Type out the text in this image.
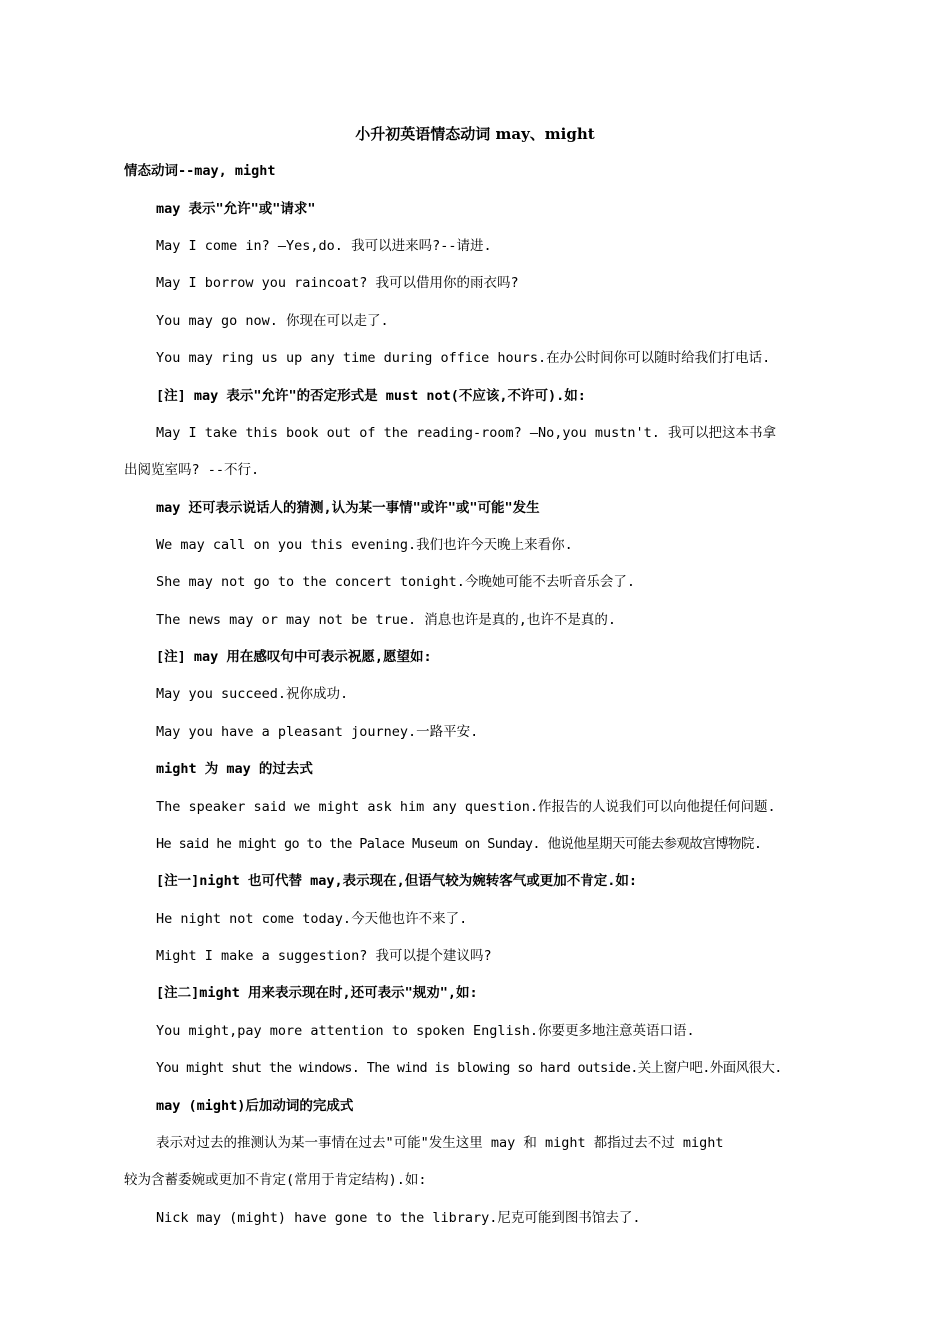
小升初英语情态动词 may、might
情态动词--may, might
may 表示"允许"或"请求"
May I come in? —Yes,do. 我可以进来吗?--请进.
May I borrow you raincoat? 我可以借用你的雨衣吗?
You may go now. 你现在可以走了.
You may ring us up any time during office hours.在办公时间你可以随时给我们打电话.
[注] may 表示"允许"的否定形式是 must not(不应该,不许可).如:
May I take this book out of the reading-room? —No,you mustn't. 我可以把这本书拿
出阅览室吗? --不行.
may 还可表示说话人的猜测,认为某一事情"或许"或"可能"发生
We may call on you this evening.我们也许今天晚上来看你.
She may not go to the concert tonight.今晚她可能不去听音乐会了.
The news may or may not be true. 消息也许是真的,也许不是真的.
[注] may 用在感叹句中可表示祝愿,愿望如:
May you succeed.祝你成功.
May you have a pleasant journey.一路平安.
might 为 may 的过去式
The speaker said we might ask him any question.作报告的人说我们可以向他提任何问题.
He said he might go to the Palace Museum on Sunday. 他说他星期天可能去参观故宫博物院.
[注一]night 也可代替 may,表示现在,但语气较为婉转客气或更加不肯定.如:
He night not come today.今天他也许不来了.
Might I make a suggestion? 我可以提个建议吗?
[注二]might 用来表示现在时,还可表示"规劝",如:
You might,pay more attention to spoken English.你要更多地注意英语口语.
You might shut the windows. The wind is blowing so hard outside.关上窗户吧.外面风很大.
may (might)后加动词的完成式
表示对过去的推测认为某一事情在过去"可能"发生这里 may 和 might 都指过去不过 might
较为含蓄委婉或更加不肯定(常用于肯定结构).如:
Nick may (might) have gone to the library.尼克可能到图书馆去了.
